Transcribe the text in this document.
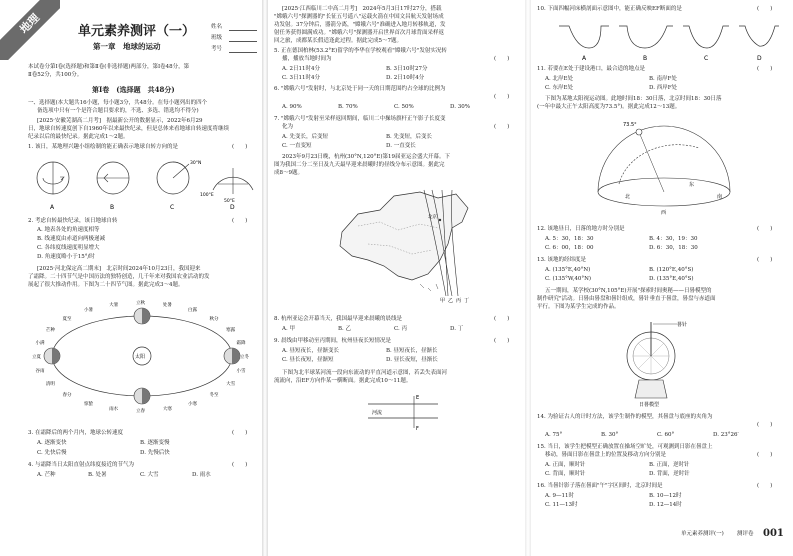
地理	单元素养测评（一）
第一章　地球的运动
姓名
班级
考号
本试卷分第Ⅰ卷(选择题)和第Ⅱ卷(非选择题)两部分，第Ⅰ卷48分，第
Ⅱ卷52分，共100分。
第Ⅰ卷　(选择题　共48分)
一、选择题(本大题共16小题，每小题3分，共48分。在每小题列出的四个
备选项中只有一个是符合题目要求的，不选、多选、错选均不得分)
[2025·安徽芜湖高二月考]　据最新公开的数据显示，2022年6月29
日，地球自转速度创下自1960年以来最快纪录，但是总体来看地球自转速度将继续
纪录以后的最快纪录。据此完成1～2题。
1. 该日，某地理兴趣小组绘制的能正确表示地球自转方向的是	(　　)
A	B	C	D
30°N
100°E
50°E
2. 考虑自转最快纪录，该日地球自转	(　　)
A. 地表各处的角速度相等
B. 线速度由赤道向两极递减
C. 各纬度线速度明显增大
D. 角速度略小于15°/时
[2025·河北保定高二期末]　北京时间2024年10月23日，我国迎来
了霜降。二十四节气是中国历法的独特创造，几千年来对我国农业活动的发
展起了很大推动作用。下图为二十四节气图。据此完成3～4题。
太阳
立春
雨水
惊蛰
春分
清明
谷雨
立夏
小满
芒种
夏至
小暑
大暑	立秋	处暑
白露
秋分
寒露
霜降
立冬
小雪
大雪
冬至
小寒
大寒
3. 在霜降后的两个月内，地球公转速度	(　　)
A. 逐渐变快	B. 逐渐变慢
C. 先快后慢	D. 先慢后快
4. 与霜降当日太阳直射点纬度接近的节气为	(　　)
A. 芒种	B. 处暑	C. 大雪	D. 雨水
[2025·江西临川二中高二月考]　2024年5月3日17时27分，搭载
"嫦娥六号"探测器的"长征五号遥八"运载火箭在中国文昌航天发射场成
功发射。37分钟后，器箭分离，"嫦娥六号"准确进入地月转移轨道，发
射任务获得圆满成功。"嫦娥六号"探测器开启世界首次月球背面采样返
回之旅，成都某长假适逢此过程。据此完成5～7题。
5. 正在德国柏林(53.2°E)留学的李华在学校观看"嫦娥六号"发射实况转
播，播放当地时间为	(　　)
A. 2日11时4分	B. 3日10时27分
C. 3日11时4分	D. 2日10时4分
6. "嫦娥六号"发射时，与北京处于同一天的日期范围约占全球的比例为
(　　)
A. 90%	B. 70%	C. 50%	D. 30%
7. "嫦娥六号"发射至采样返回期间，临川二中操场旗杆正午影子长度变
化为	(　　)
A. 先变长，后变短	B. 先变短，后变长
C. 一直变短	D. 一直变长
2023年9月23日晚，杭州(30°N,120°E)第19届亚运会盛大开幕。下
图为我国二分二至日及九天最早迎来晨曦时的昼线分布示意图。据此完
成8～9题。
北京
甲 乙 丙 丁
8. 杭州亚运会开幕当天，我国最早迎来晨曦的晨线是	(　　)
A. 甲	B. 乙	C. 丙	D. 丁
9. 晨线由甲移动至丙期间，杭州昼夜长短情况是	(　　)
A. 昼短夜长，昼渐变长	B. 昼短夜长，昼渐长
C. 昼长夜短，昼渐短	D. 昼长夜短，昼渐长
下图为北半球某河流一段向东流动的平直河道示意图，若丢失表面河
流流向，沿EF方向作某一横断面。据此完成10～11题。
河流
E
F
10. 下面四幅河床横剖面示意图中，能正确反映EF断面的是	(　　)
A	B	C	D
11. 若要在E处于建设港口，最合适的地点是	(　　)
A. 北岸E处	B. 南岸F处
C. 东岸E处	D. 西岸F处
下图为某地太阳视运动图。此地时间18：30日落，北京时间18：30日落
(一年中最大正午太阳高度为73.5°)。据此完成12～13题。
73.5°
东
南
西
北
12. 该地昼日，日落的地方时分别是	(　　)
A. 5：30，18：30	B. 4：30，19：30
C. 6：00，18：00	D. 6：30，18：30
13. 该地的经纬度是	(　　)
A. (135°E,40°N)	B. (120°E,40°S)
C. (135°W,40°N)	D. (135°E,40°S)
五一期间，某学校(30°N,105°E)开展"探索时间奥秘——日晷模型的
制作研究"活动。日晷由晷盘和晷针组成，晷针垂直于晷盘，晷盘与赤道面
平行。下图为某学生完成的作品。
晷针
日晷模型
14. 为验证古人的计时方法，该学生制作的模型，其晷盘与底座的夹角为
(　　)
A. 75°	B. 30°	C. 60°	D. 23°26′
15. 当日，该学生把模型正确放置在操场空旷处，可观测到日影在晷盘上
移动，晷面日影在晷盘上的位置及移动方向分别是	(　　)
A. 正面，顺时针	B. 正面，逆时针
C. 背面，顺时针	D. 背面，逆时针
16. 当晷针影子落在晷面"午"字区间时，北京时间是	(　　)
A. 9—11时	B. 10—12时
C. 11—13时	D. 12—14时
单元素养测评(一) 测评卷 001
